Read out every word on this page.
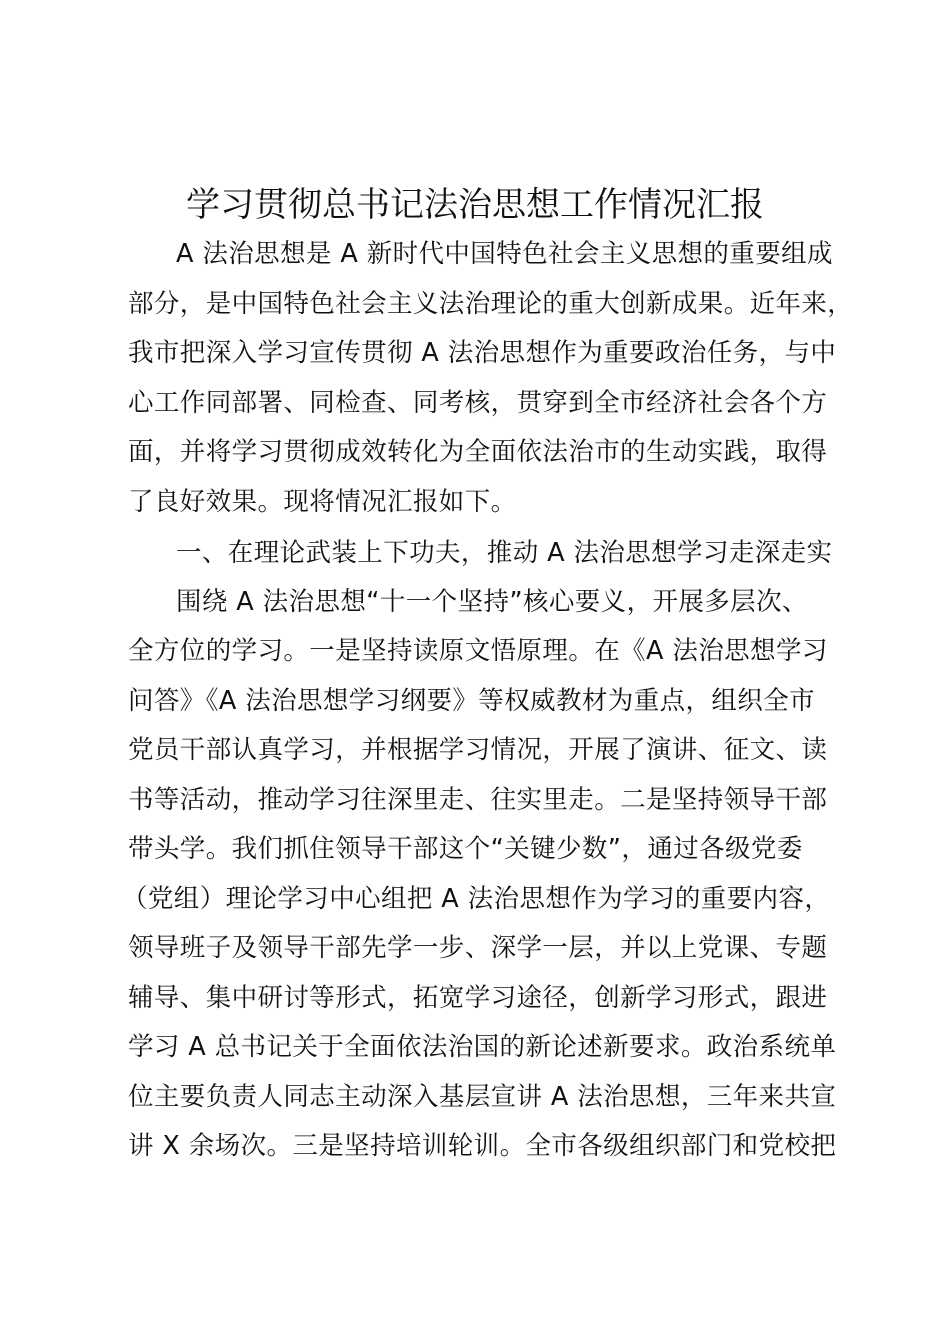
学习贯彻总书记法治思想工作情况汇报
A 法治思想是 A 新时代中国特色社会主义思想的重要组成
部分，是中国特色社会主义法治理论的重大创新成果。近年来，
我市把深入学习宣传贯彻 A 法治思想作为重要政治任务，与中
心工作同部署、同检查、同考核，贯穿到全市经济社会各个方
面，并将学习贯彻成效转化为全面依法治市的生动实践，取得
了良好效果。现将情况汇报如下。
一、在理论武装上下功夫，推动 A 法治思想学习走深走实
围绕 A 法治思想“十一个坚持”核心要义，开展多层次、
全方位的学习。一是坚持读原文悟原理。在《A 法治思想学习
问答》《A 法治思想学习纲要》等权威教材为重点，组织全市
党员干部认真学习，并根据学习情况，开展了演讲、征文、读
书等活动，推动学习往深里走、往实里走。二是坚持领导干部
带头学。我们抓住领导干部这个“关键少数”，通过各级党委
（党组）理论学习中心组把 A 法治思想作为学习的重要内容，
领导班子及领导干部先学一步、深学一层，并以上党课、专题
辅导、集中研讨等形式，拓宽学习途径，创新学习形式，跟进
学习 A 总书记关于全面依法治国的新论述新要求。政治系统单
位主要负责人同志主动深入基层宣讲 A 法治思想，三年来共宣
讲 X 余场次。三是坚持培训轮训。全市各级组织部门和党校把
